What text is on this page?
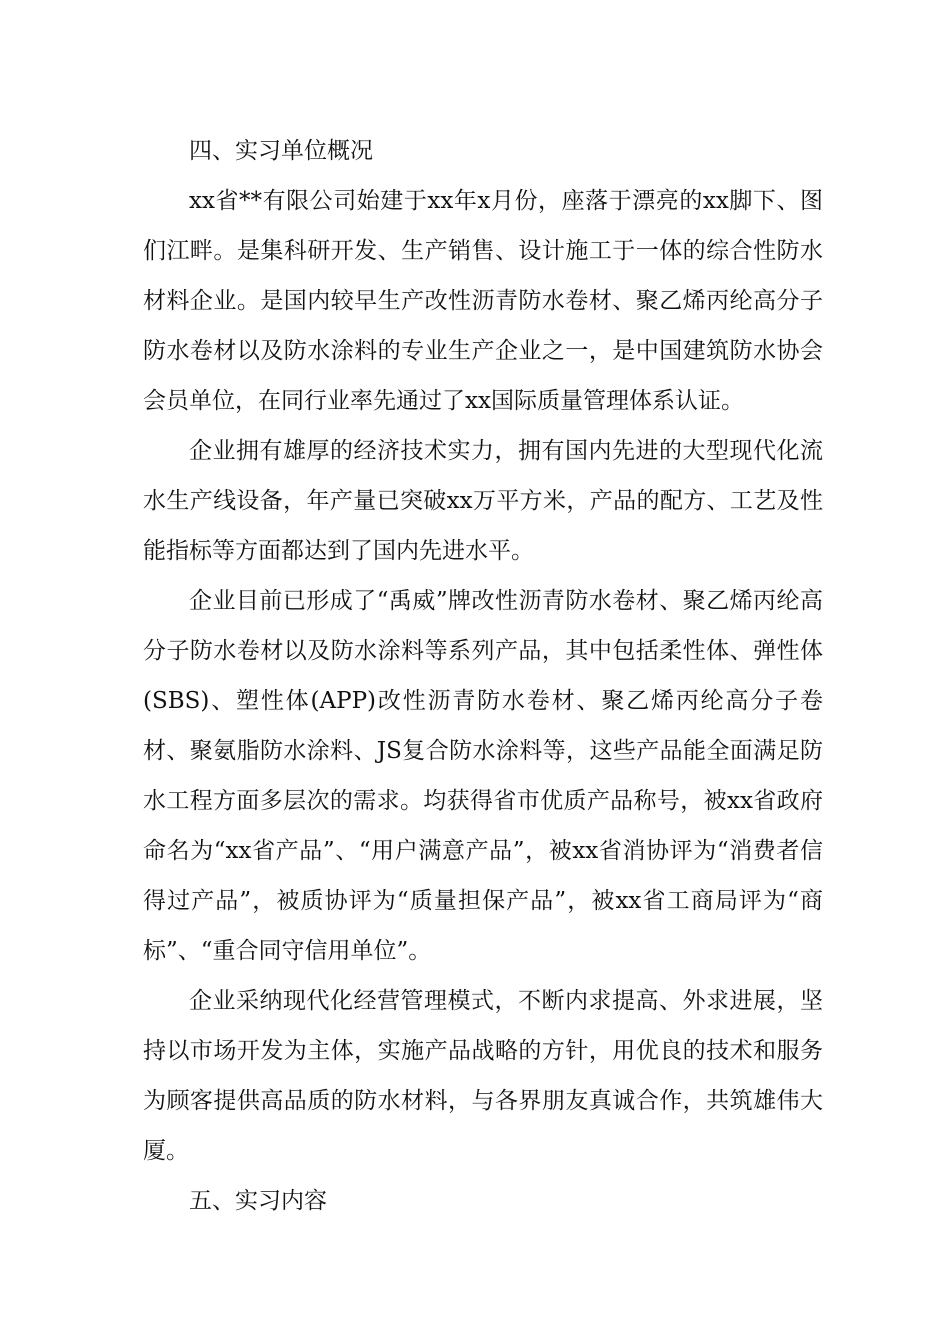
四、实习单位概况

xx省**有限公司始建于xx年x月份，座落于漂亮的xx脚下、图们江畔。是集科研开发、生产销售、设计施工于一体的综合性防水材料企业。是国内较早生产改性沥青防水卷材、聚乙烯丙纶高分子防水卷材以及防水涂料的专业生产企业之一，是中国建筑防水协会会员单位，在同行业率先通过了xx国际质量管理体系认证。

企业拥有雄厚的经济技术实力，拥有国内先进的大型现代化流水生产线设备，年产量已突破xx万平方米，产品的配方、工艺及性能指标等方面都达到了国内先进水平。

企业目前已形成了“禹威”牌改性沥青防水卷材、聚乙烯丙纶高分子防水卷材以及防水涂料等系列产品，其中包括柔性体、弹性体(SBS)、塑性体(APP)改性沥青防水卷材、聚乙烯丙纶高分子卷材、聚氨脂防水涂料、JS复合防水涂料等，这些产品能全面满足防水工程方面多层次的需求。均获得省市优质产品称号，被xx省政府命名为“xx省产品”、“用户满意产品”，被xx省消协评为“消费者信得过产品”，被质协评为“质量担保产品”，被xx省工商局评为“商标”、“重合同守信用单位”。

企业采纳现代化经营管理模式，不断内求提高、外求进展，坚持以市场开发为主体，实施产品战略的方针，用优良的技术和服务为顾客提供高品质的防水材料，与各界朋友真诚合作，共筑雄伟大厦。

五、实习内容
